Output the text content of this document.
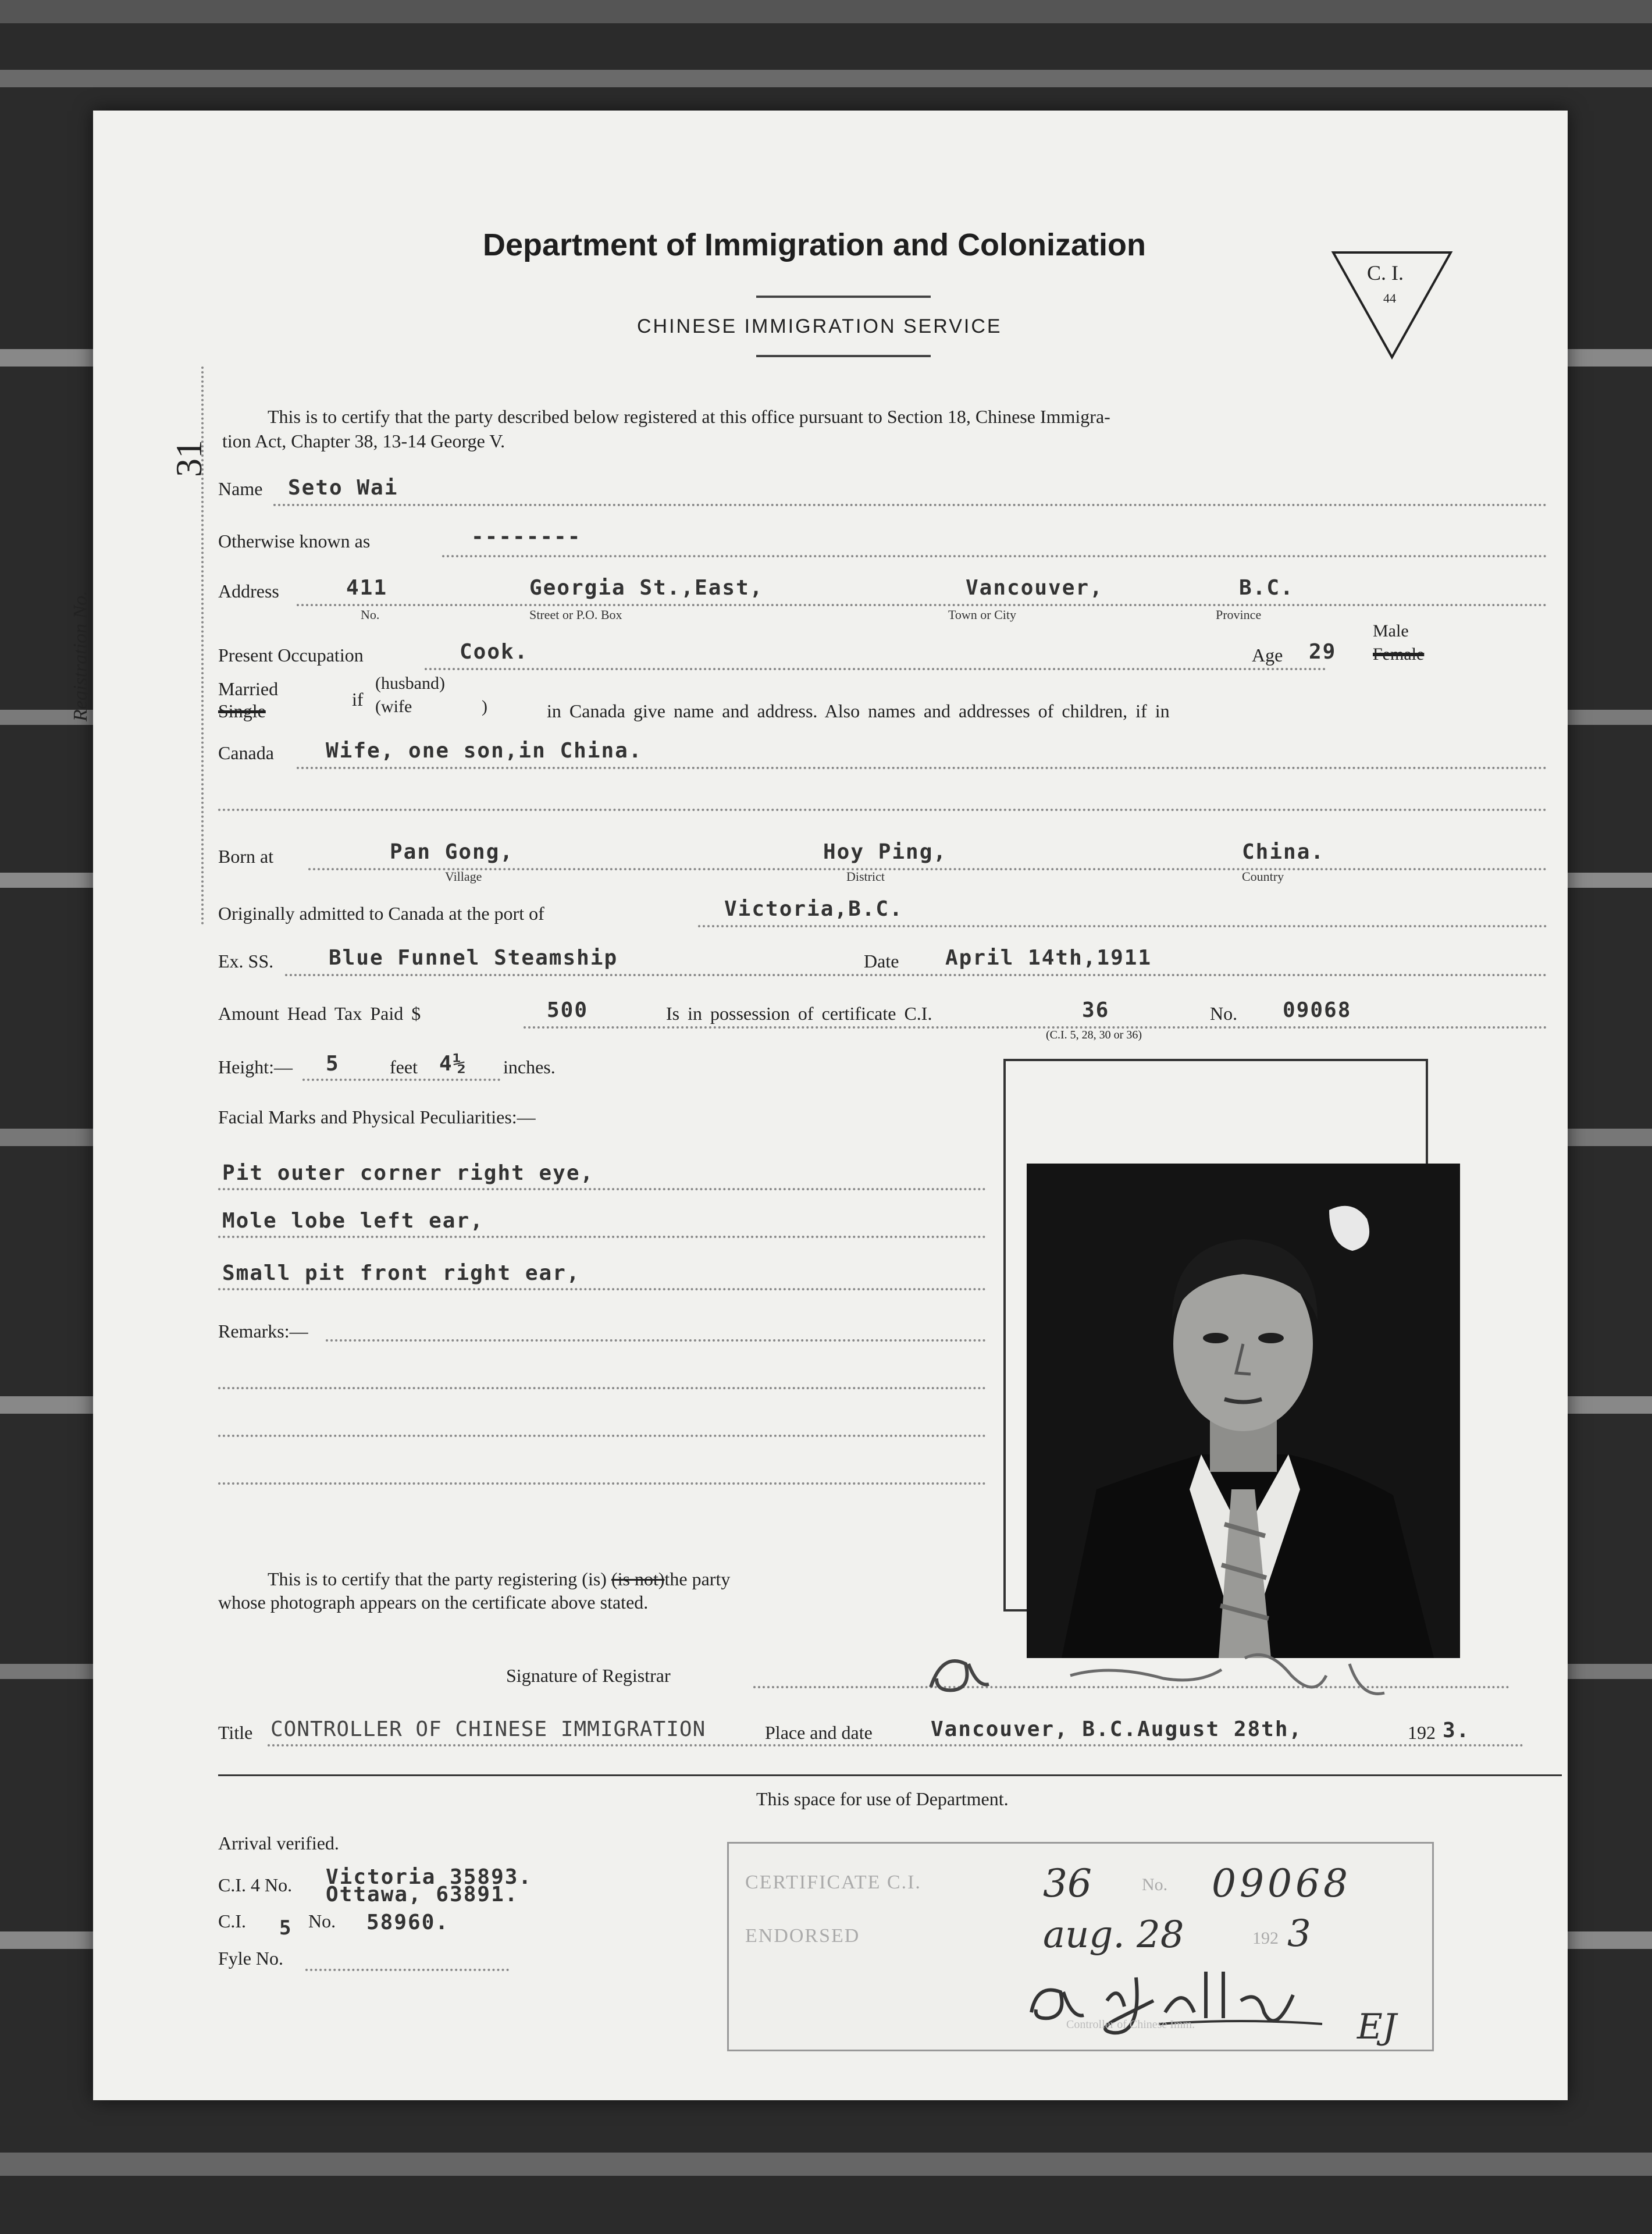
Department of Immigration and Colonization
CHINESE IMMIGRATION SERVICE
C. I.
44
Registration No.
31
This is to certify that the party described below registered at this office pursuant to Section 18, Chinese Immigra-
tion Act, Chapter 38, 13-14 George V.
Name Seto Wai
Otherwise known as	--------
Address	411	Georgia St.,East,	Vancouver,	B.C.
No.	Street or P.O. Box	Town or City	Province
Present Occupation	Cook.	Age 29
Male
Female
Married
Single
if
(husband)
(wife	)	in Canada give name and address. Also names and addresses of children, if in
Canada Wife, one son,in China.
Born at	Pan Gong,	Hoy Ping,	China.
Village	District	Country
Originally admitted to Canada at the port of	Victoria,B.C.
Ex. SS.	Blue Funnel Steamship	Date April 14th,1911
Amount Head Tax Paid $	500	Is in possession of certificate C.I.	36	No. 09068
(C.I. 5, 28, 30 or 36)
Height:— 5	feet 4½ inches.
Facial Marks and Physical Peculiarities:—
Pit outer corner right eye,
Mole lobe left ear,
Small pit front right ear,
Remarks:—
This is to certify that the party registering (is) (is not)the party
whose photograph appears on the certificate above stated.
Signature of Registrar
Title CONTROLLER OF CHINESE IMMIGRATION	Place and date	Vancouver, B.C.August 28th,	192 3.
This space for use of Department.
Arrival verified.
C.I. 4 No. Victoria 35893.
Ottawa, 63891.
C.I. 5 No. 58960.
Fyle No.
CERTIFICATE C.I.	36	No. 09068
ENDORSED	aug. 28	192 3
Controller of Chinese Imm.	EJ
